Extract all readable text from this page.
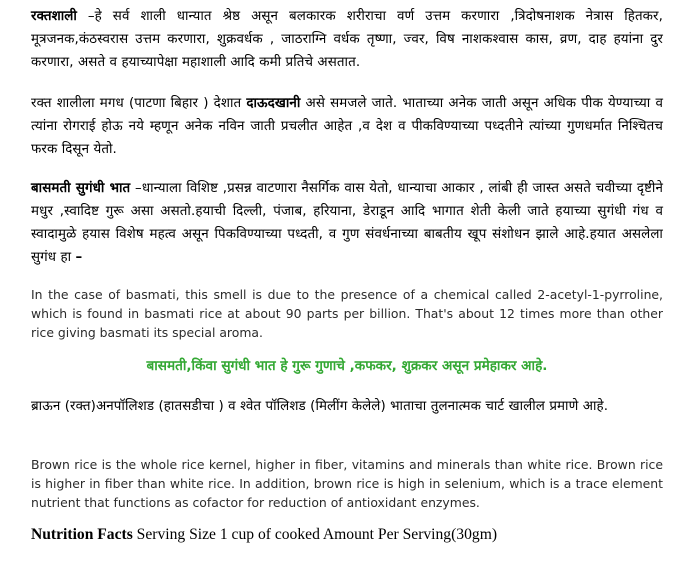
रक्तशाली –हे सर्व शाली धान्यात श्रेष्ठ असून बलकारक शरीराचा वर्ण उत्तम करणारा ,त्रिदोषनाशक नेत्रास हितकर, मूत्रजनक,कंठस्वरास उत्तम करणारा, शुक्रवर्धक , जाठराग्नि वर्धक तृष्णा, ज्वर, विष नाशकश्वास कास, व्रण, दाह हयांना दुर करणारा, असते व हयाच्यापेक्षा महाशाली आदि कमी प्रतिचे असतात.

रक्त शालीला मगध (पाटणा बिहार ) देशात दाऊदखानी असे समजले जाते. भाताच्या अनेक जाती असून अधिक पीक येण्याच्या व त्यांना रोगराई होऊ नये म्हणून अनेक नविन जाती प्रचलीत आहेत ,व देश व पीकविण्याच्या पध्दतीने त्यांच्या गुणधर्मात निश्चितच फरक दिसून येतो.

बासमती सुगंधी भात –धान्याला विशिष्ट ,प्रसन्न वाटणारा नैसर्गिक वास येतो, धान्याचा आकार , लांबी ही जास्त असते चवीच्या दृष्टीने मधुर ,स्वादिष्ट गुरू असा असतो.हयाची दिल्ली, पंजाब, हरियाना, डेराडून आदि भागात शेती केली जाते हयाच्या सुगंधी गंध व स्वादामुळे हयास विशेष महत्व असून पिकविण्याच्या पध्दती, व गुण संवर्धनाच्या बाबतीय खूप संशोधन झाले आहे.हयात असलेला सुगंध हा –

In the case of basmati, this smell is due to the presence of a chemical called 2-acetyl-1-pyrroline, which is found in basmati rice at about 90 parts per billion. That's about 12 times more than other rice giving basmati its special aroma.

बासमती,किंवा सुगंधी भात हे गुरू गुणाचे ,कफकर, शुक्रकर असून प्रमेहाकर आहे.

ब्राऊन (रक्त)अनपॉलिशड (हातसडीचा ) व श्वेत पॉलिशड (मिलींग केलेले) भाताचा तुलनात्मक चार्ट खालील प्रमाणे आहे.

Brown rice is the whole rice kernel, higher in fiber, vitamins and minerals than white rice. Brown rice is higher in fiber than white rice. In addition, brown rice is high in selenium, which is a trace element nutrient that functions as cofactor for reduction of antioxidant enzymes.

Nutrition Facts Serving Size 1 cup of cooked Amount Per Serving(30gm)
